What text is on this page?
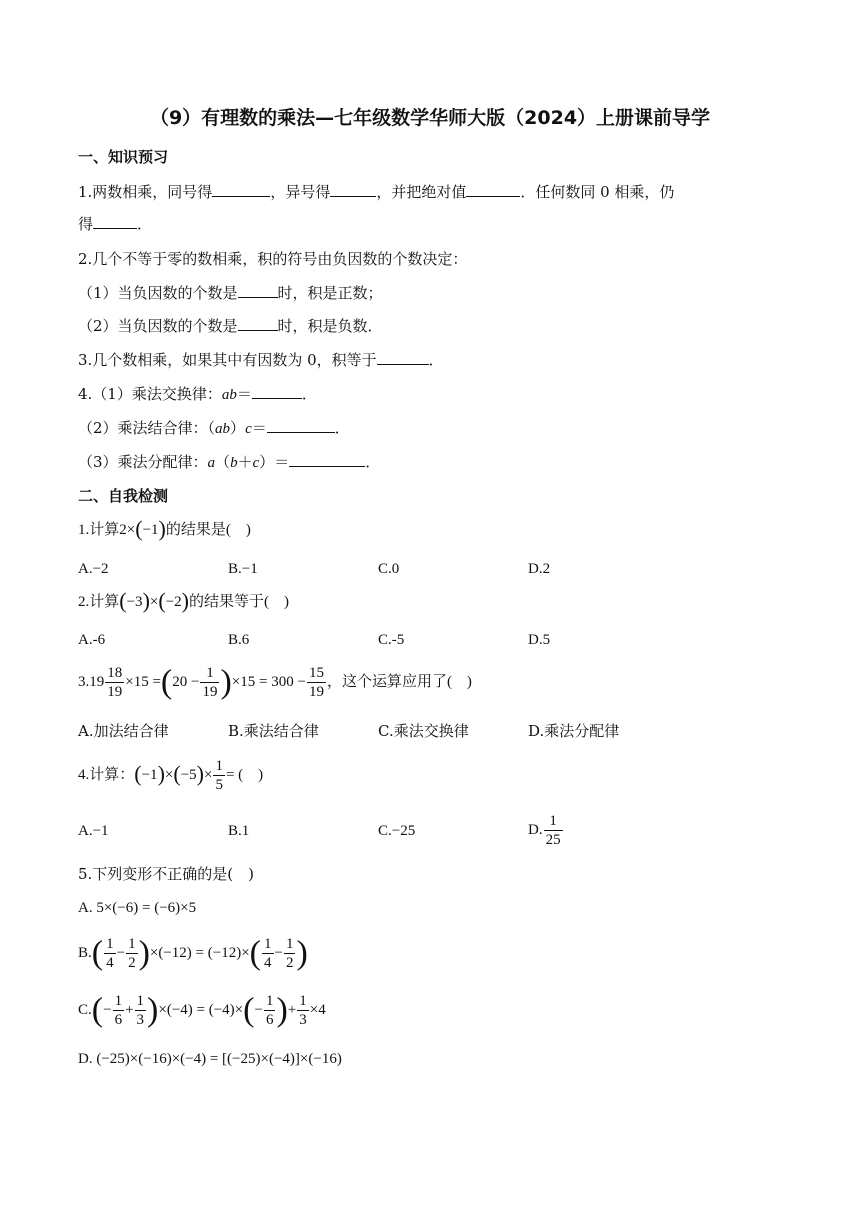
（9）有理数的乘法—七年级数学华师大版（2024）上册课前导学
一、知识预习
1.两数相乘，同号得	，异号得	，并把绝对值	．任何数同 0 相乘，仍
得	．
2.几个不等于零的数相乘，积的符号由负因数的个数决定：
（1）当负因数的个数是	时，积是正数；
（2）当负因数的个数是	时，积是负数．
3.几个数相乘，如果其中有因数为 0，积等于	．
4.（1）乘法交换律：ab＝	．
（2）乘法结合律：（ab）c＝	．
（3）乘法分配律：a（b＋c）＝	．
二、自我检测
1.计算2×(−1)的结果是(　)
A.−2	B.−1	C.0	D.2
2.计算(−3)×(−2)的结果等于(　)
A.-6	B.6	C.-5	D.5
$3.19 \frac{18}{19} \times 15 =(20 - \frac{1}{19} )\times 15 = 300 - \frac{15}{19}$ ，这个运算应用了(　)
A.加法结合律	B.乘法结合律	C.乘法交换律	D.乘法分配律
4.计算：$(-1)\times(-5)\times \frac{1}{5}$ = (　)
A.−1	B.1	C.−25	D. $\frac{1}{25}$
5.下列变形不正确的是(　)
A. 5×(−6) = (−6)×5
$B.( \frac{1}{4} - \frac{1}{2} )\times(-12) = (-12)\times( \frac{1}{4} - \frac{1}{2}$ )
$C.(- \frac{1}{6} + \frac{1}{3} )\times(-4) = (-4)\times(- \frac{1}{6}$ )+ $\frac{1}{3} \times 4$
D. (−25)×(−16)×(−4) = [(−25)×(−4)]×(−16)
